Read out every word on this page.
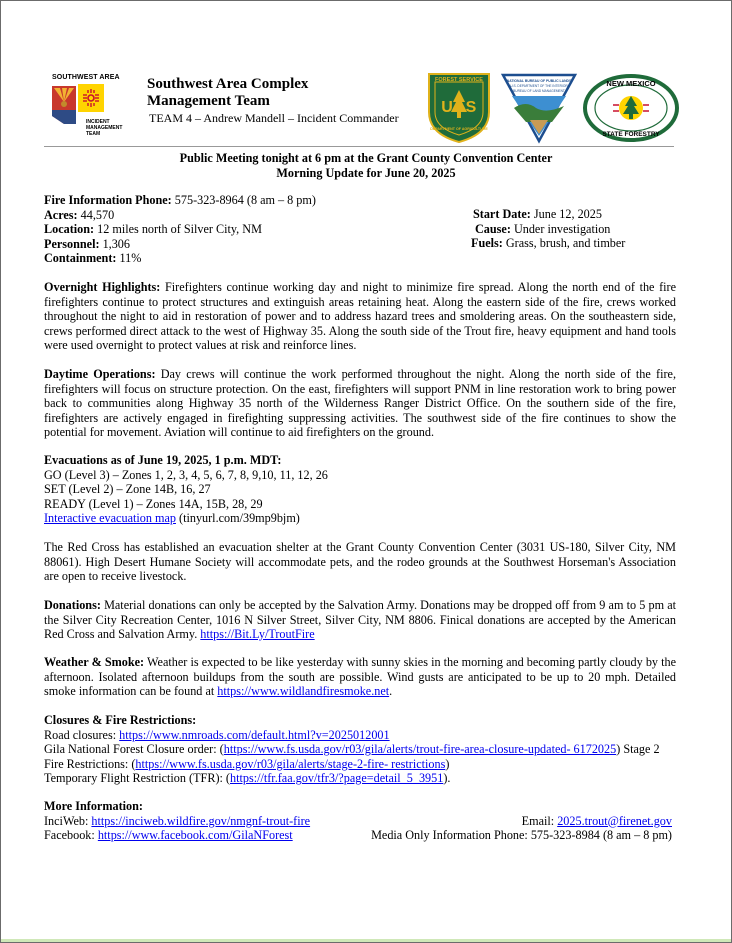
SOUTHWEST AREA
INCIDENT
MANAGEMENT
TEAM
Southwest Area Complex
Management Team
TEAM 4 – Andrew Mandell – Incident Commander
FOREST SERVICE
U S
DEPARTMENT OF AGRICULTURE
NATIONAL BUREAU OF PUBLIC LANDS
U.S. DEPARTMENT OF THE INTERIOR
BUREAU OF LAND MANAGEMENT
NEW MEXICO
STATE FORESTRY
Public Meeting tonight at 6 pm at the Grant County Convention Center
Morning Update for June 20, 2025
Fire Information Phone: 575-323-8964 (8 am – 8 pm)
Acres: 44,570
Location: 12 miles north of Silver City, NM
Personnel: 1,306
Containment: 11%
Start Date: June 12, 2025
Cause: Under investigation
Fuels: Grass, brush, and timber
Overnight Highlights: Firefighters continue working day and night to minimize fire spread. Along the north end of the fire firefighters continue to protect structures and extinguish areas retaining heat. Along the eastern side of the fire, crews worked throughout the night to aid in restoration of power and to address hazard trees and smoldering areas. On the southeastern side, crews performed direct attack to the west of Highway 35. Along the south side of the Trout fire, heavy equipment and hand tools were used overnight to protect values at risk and reinforce lines.
Daytime Operations: Day crews will continue the work performed throughout the night. Along the north side of the fire, firefighters will focus on structure protection. On the east, firefighters will support PNM in line restoration work to bring power back to communities along Highway 35 north of the Wilderness Ranger District Office. On the southern side of the fire, firefighters are actively engaged in firefighting suppressing activities. The southwest side of the fire continues to show the potential for movement. Aviation will continue to aid firefighters on the ground.
Evacuations as of June 19, 2025, 1 p.m. MDT:
GO (Level 3) – Zones 1, 2, 3, 4, 5, 6, 7, 8, 9,10, 11, 12, 26
SET (Level 2) – Zone 14B, 16, 27
READY (Level 1) – Zones 14A, 15B, 28, 29
Interactive evacuation map (tinyurl.com/39mp9bjm)
The Red Cross has established an evacuation shelter at the Grant County Convention Center (3031 US-180, Silver City, NM 88061). High Desert Humane Society will accommodate pets, and the rodeo grounds at the Southwest Horseman's Association are open to receive livestock.
Donations: Material donations can only be accepted by the Salvation Army. Donations may be dropped off from 9 am to 5 pm at the Silver City Recreation Center, 1016 N Silver Street, Silver City, NM 8806. Finical donations are accepted by the American Red Cross and Salvation Army. https://Bit.Ly/TroutFire
Weather & Smoke: Weather is expected to be like yesterday with sunny skies in the morning and becoming partly cloudy by the afternoon. Isolated afternoon buildups from the south are possible. Wind gusts are anticipated to be up to 20 mph. Detailed smoke information can be found at https://www.wildlandfiresmoke.net.
Closures & Fire Restrictions:
Road closures: https://www.nmroads.com/default.html?v=2025012001
Gila National Forest Closure order: (https://www.fs.usda.gov/r03/gila/alerts/trout-fire-area-closure-updated- 6172025) Stage 2
Fire Restrictions: (https://www.fs.usda.gov/r03/gila/alerts/stage-2-fire- restrictions)
Temporary Flight Restriction (TFR): (https://tfr.faa.gov/tfr3/?page=detail_5_3951).
More Information:
InciWeb: https://inciweb.wildfire.gov/nmgnf-trout-fire	Email: 2025.trout@firenet.gov
Facebook: https://www.facebook.com/GilaNForest	Media Only Information Phone: 575-323-8984 (8 am – 8 pm)
